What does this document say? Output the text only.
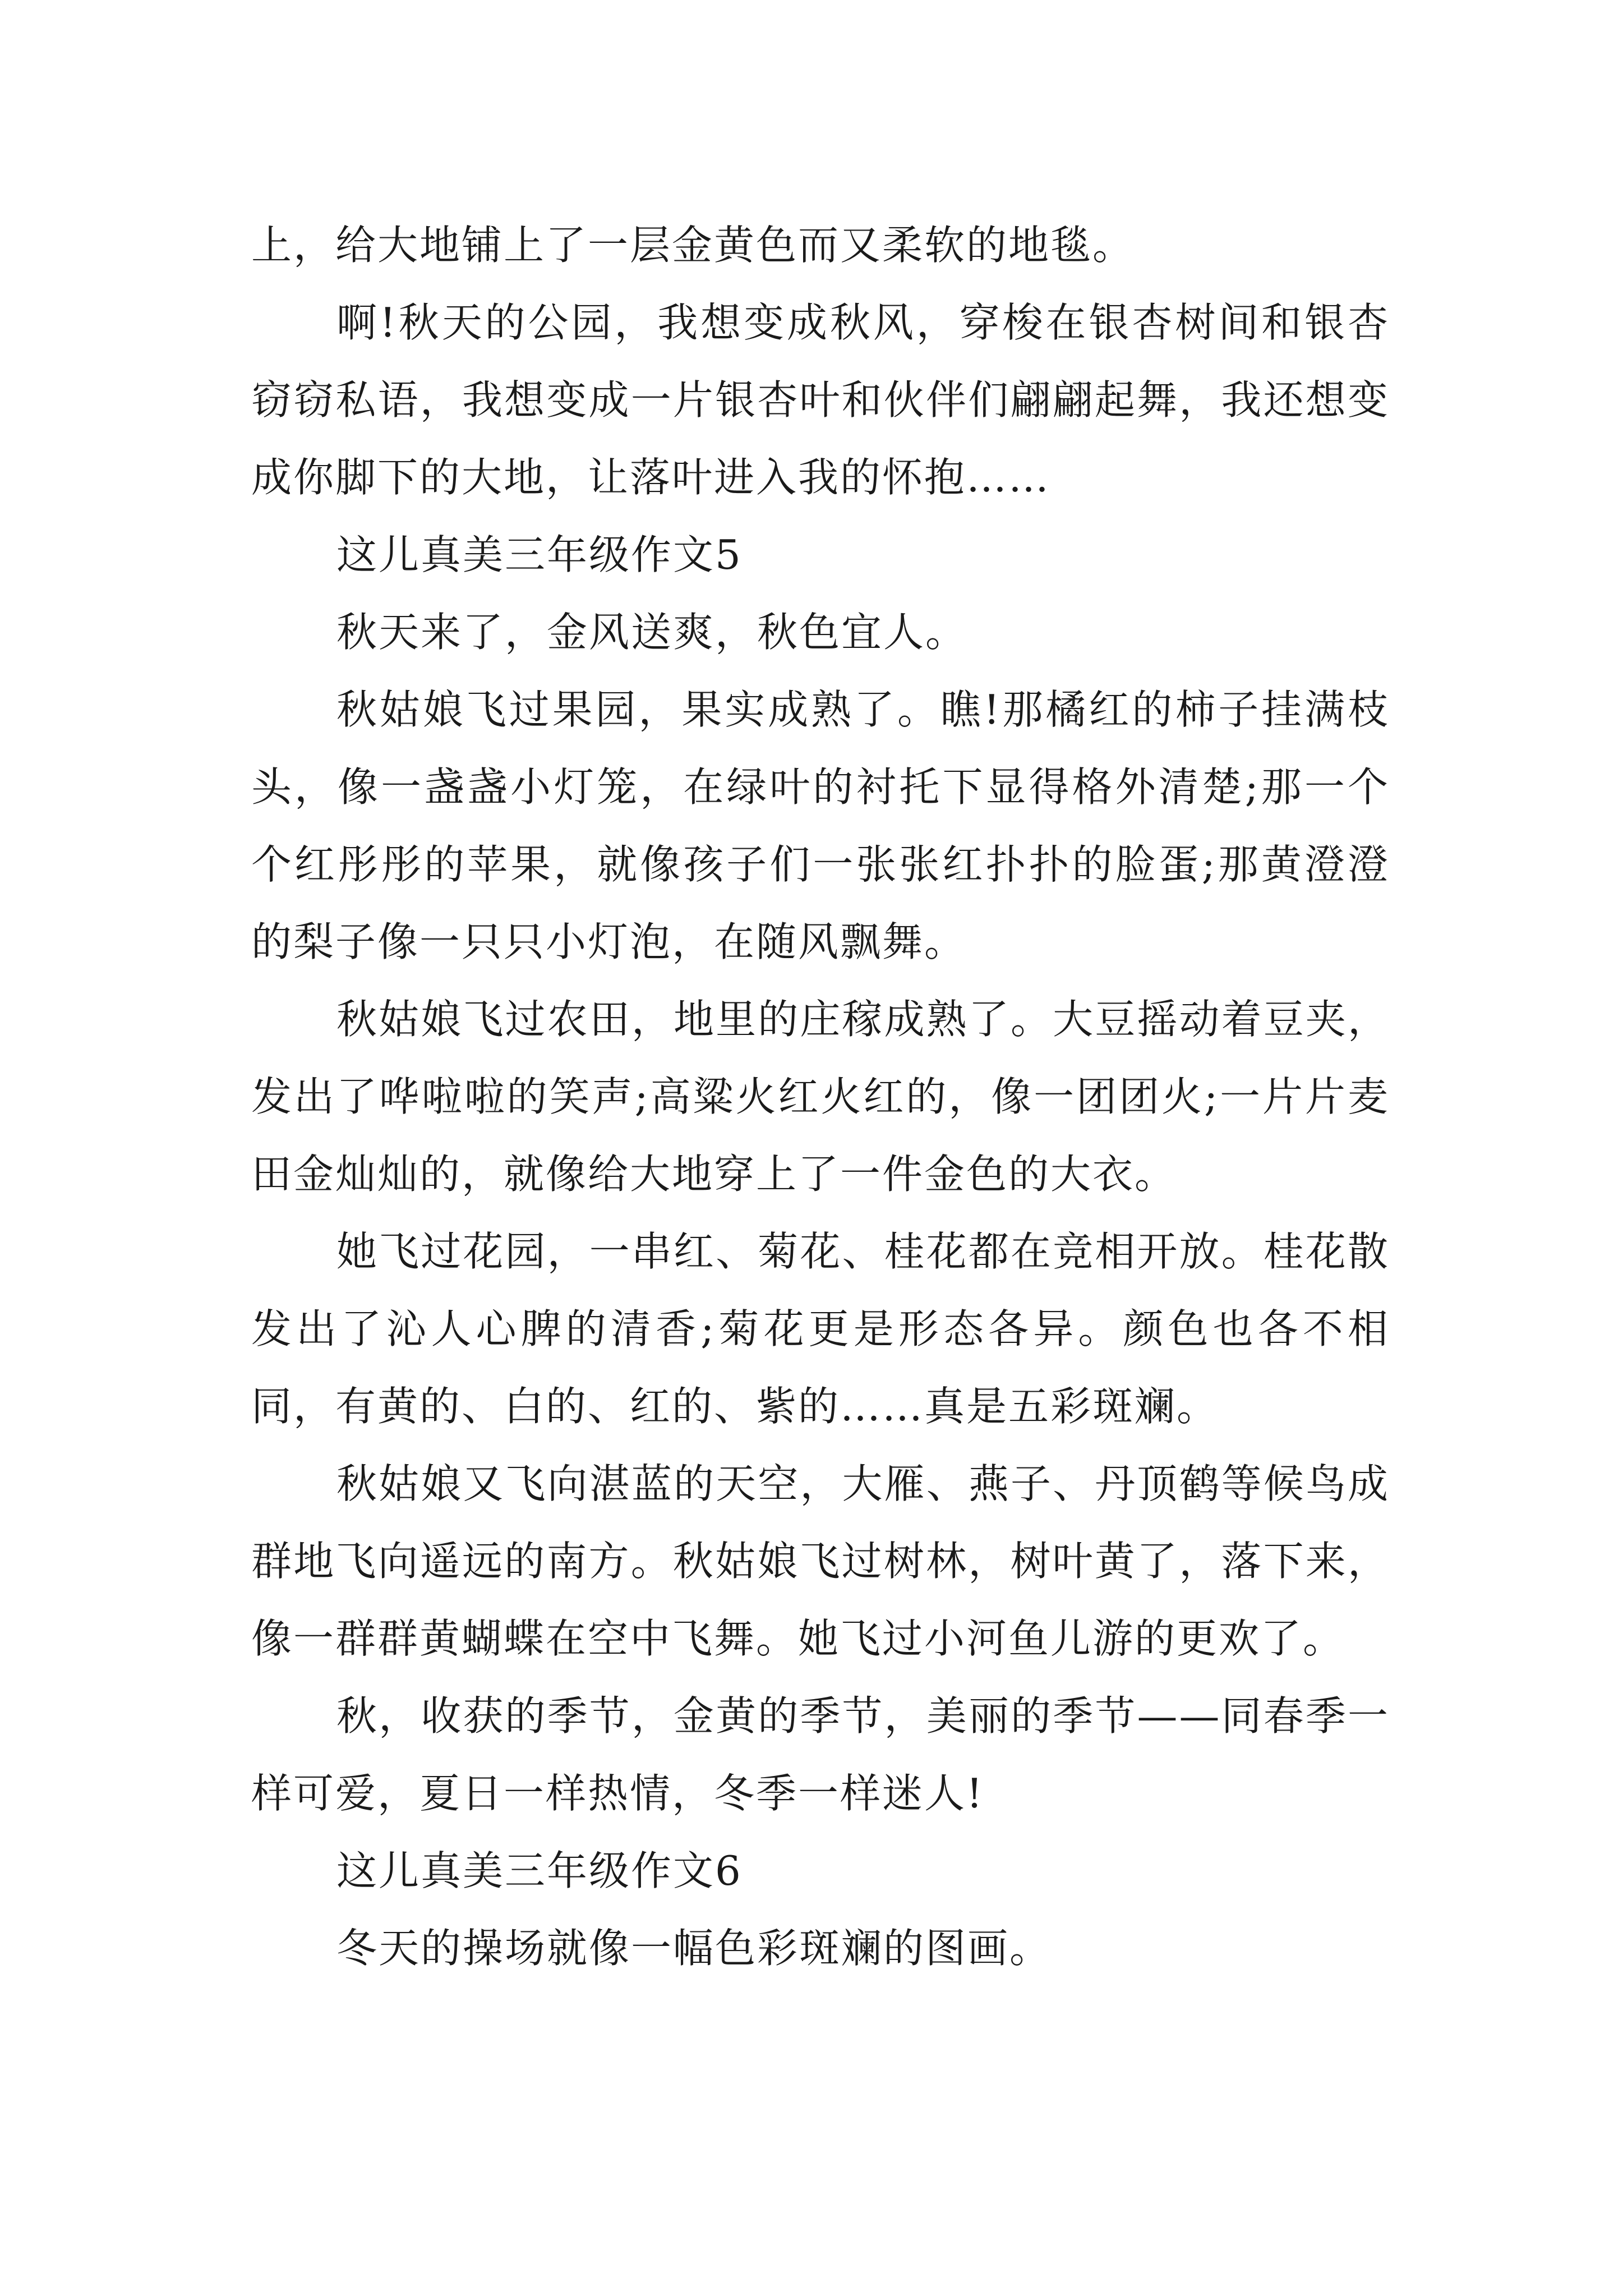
上，给大地铺上了一层金黄色而又柔软的地毯。

啊!秋天的公园，我想变成秋风，穿梭在银杏树间和银杏窃窃私语，我想变成一片银杏叶和伙伴们翩翩起舞，我还想变成你脚下的大地，让落叶进入我的怀抱……

这儿真美三年级作文5

秋天来了，金风送爽，秋色宜人。

秋姑娘飞过果园，果实成熟了。瞧!那橘红的柿子挂满枝头，像一盏盏小灯笼，在绿叶的衬托下显得格外清楚;那一个个红彤彤的苹果，就像孩子们一张张红扑扑的脸蛋;那黄澄澄的梨子像一只只小灯泡，在随风飘舞。

秋姑娘飞过农田，地里的庄稼成熟了。大豆摇动着豆夹，发出了哗啦啦的笑声;高粱火红火红的，像一团团火;一片片麦田金灿灿的，就像给大地穿上了一件金色的大衣。

她飞过花园，一串红、菊花、桂花都在竞相开放。桂花散发出了沁人心脾的清香;菊花更是形态各异。颜色也各不相同，有黄的、白的、红的、紫的……真是五彩斑斓。

秋姑娘又飞向湛蓝的天空，大雁、燕子、丹顶鹤等候鸟成群地飞向遥远的南方。秋姑娘飞过树林，树叶黄了，落下来，像一群群黄蝴蝶在空中飞舞。她飞过小河鱼儿游的更欢了。

秋，收获的季节，金黄的季节，美丽的季节——同春季一样可爱，夏日一样热情，冬季一样迷人!

这儿真美三年级作文6

冬天的操场就像一幅色彩斑斓的图画。
